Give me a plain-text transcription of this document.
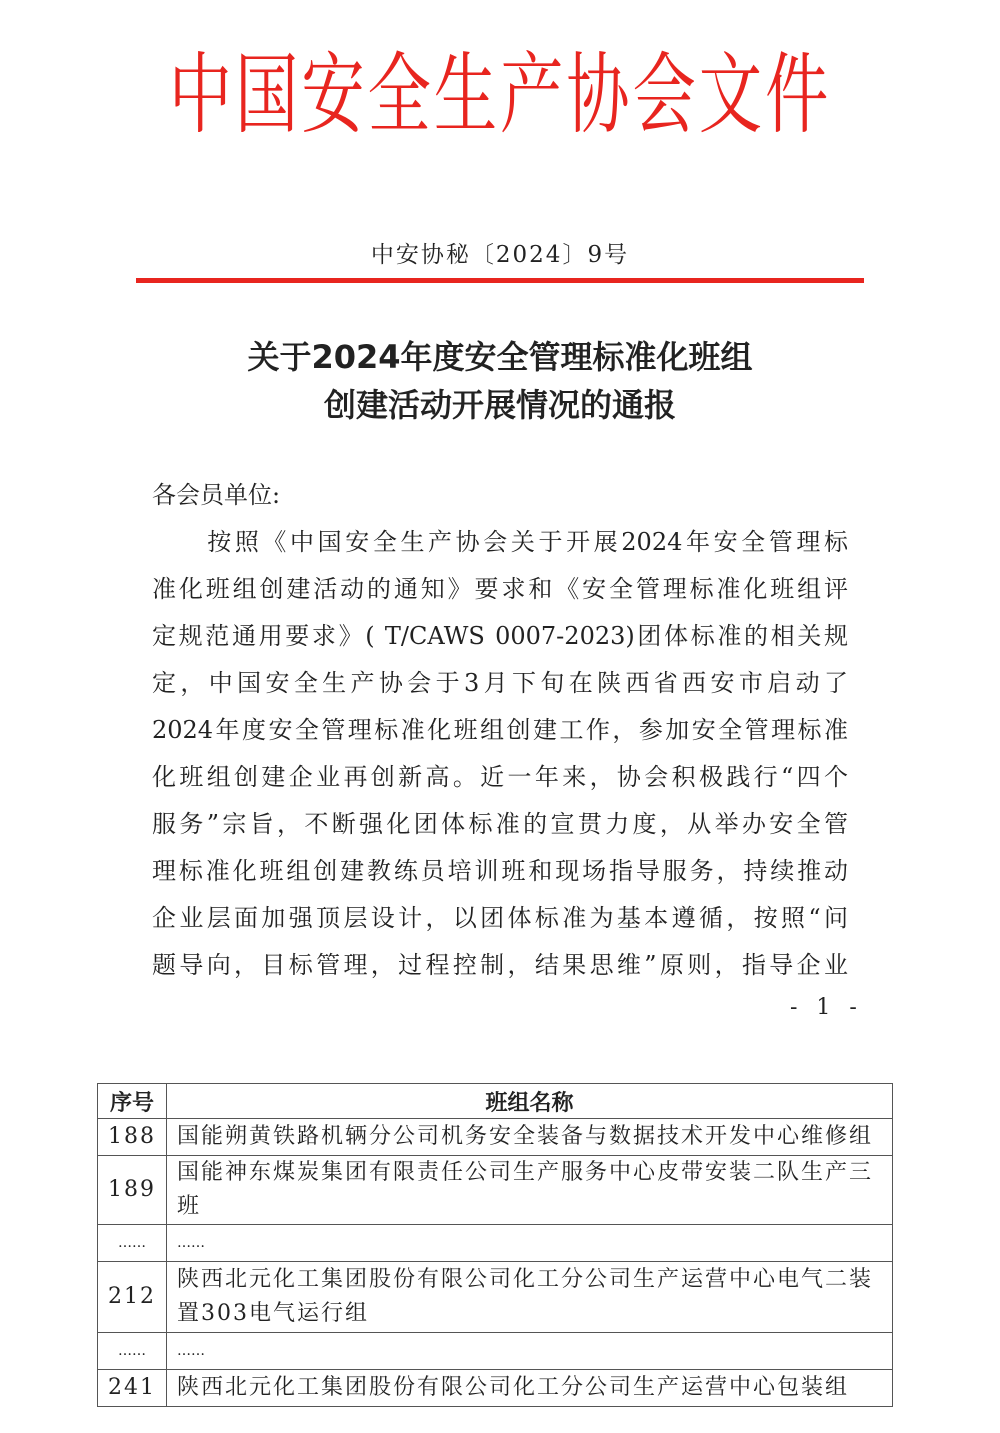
中国安全生产协会文件
中安协秘〔2024〕9号
关于2024年度安全管理标准化班组
创建活动开展情况的通报
各会员单位:
　　按照《中国安全生产协会关于开展2024年安全管理标
准化班组创建活动的通知》要求和《安全管理标准化班组评
定规范通用要求》( T/CAWS 0007-2023)团体标准的相关规
定，中国安全生产协会于3月下旬在陕西省西安市启动了
2024年度安全管理标准化班组创建工作，参加安全管理标准
化班组创建企业再创新高。近一年来，协会积极践行“四个
服务”宗旨，不断强化团体标准的宣贯力度，从举办安全管
理标准化班组创建教练员培训班和现场指导服务，持续推动
企业层面加强顶层设计，以团体标准为基本遵循，按照“问
题导向，目标管理，过程控制，结果思维”原则，指导企业
- 1 -
序号	班组名称
188	国能朔黄铁路机辆分公司机务安全装备与数据技术开发中心维修组
189	国能神东煤炭集团有限责任公司生产服务中心皮带安装二队生产三班
……	……
212	陕西北元化工集团股份有限公司化工分公司生产运营中心电气二装置303电气运行组
……	……
241	陕西北元化工集团股份有限公司化工分公司生产运营中心包装组
